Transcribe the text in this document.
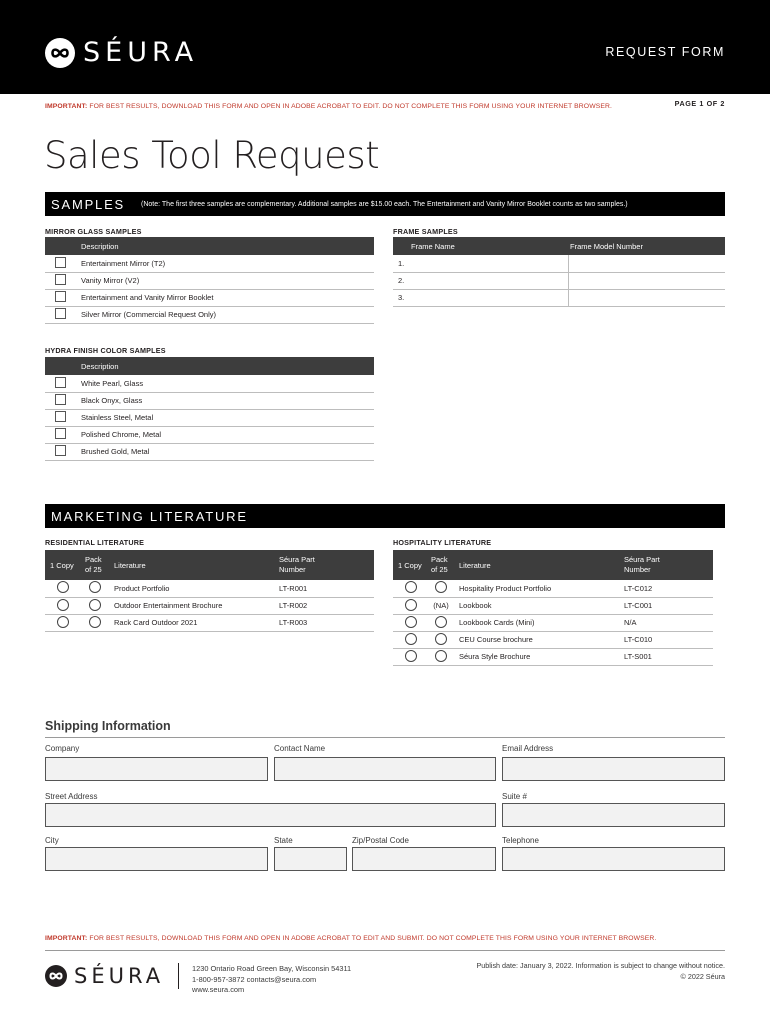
SÉURA	REQUEST FORM
IMPORTANT: FOR BEST RESULTS, DOWNLOAD THIS FORM AND OPEN IN ADOBE ACROBAT TO EDIT. DO NOT COMPLETE THIS FORM USING YOUR INTERNET BROWSER.	PAGE 1 OF 2
Sales Tool Request
SAMPLES (Note: The first three samples are complementary. Additional samples are $15.00 each. The Entertainment and Vanity Mirror Booklet counts as two samples.)
MIRROR GLASS SAMPLES
	Description
	Entertainment Mirror (T2)
	Vanity Mirror (V2)
	Entertainment and Vanity Mirror Booklet
	Silver Mirror (Commercial Request Only)
FRAME SAMPLES
Frame Name	Frame Model Number
1.	
2.	
3.	
HYDRA FINISH COLOR SAMPLES
	Description
	White Pearl, Glass
	Black Onyx, Glass
	Stainless Steel, Metal
	Polished Chrome, Metal
	Brushed Gold, Metal
MARKETING LITERATURE
RESIDENTIAL LITERATURE
1 Copy	Pack
of 25	Literature	Séura Part
Number
		Product Portfolio	LT-R001
		Outdoor Entertainment Brochure	LT-R002
		Rack Card Outdoor 2021	LT-R003
HOSPITALITY LITERATURE
1 Copy	Pack
of 25	Literature	Séura Part
Number
		Hospitality Product Portfolio	LT-C012
	(NA)	Lookbook	LT-C001
		Lookbook Cards (Mini)	N/A
		CEU Course brochure	LT-C010
		Séura Style Brochure	LT-S001
Shipping Information
Company	Contact Name	Email Address
Street Address	Suite #
City	State	Zip/Postal Code	Telephone
IMPORTANT: FOR BEST RESULTS, DOWNLOAD THIS FORM AND OPEN IN ADOBE ACROBAT TO EDIT AND SUBMIT. DO NOT COMPLETE THIS FORM USING YOUR INTERNET BROWSER.
SÉURA	1230 Ontario Road Green Bay, Wisconsin 54311
1-800-957-3872 contacts@seura.com
www.seura.com
Publish date: January 3, 2022. Information is subject to change without notice.
© 2022 Séura
